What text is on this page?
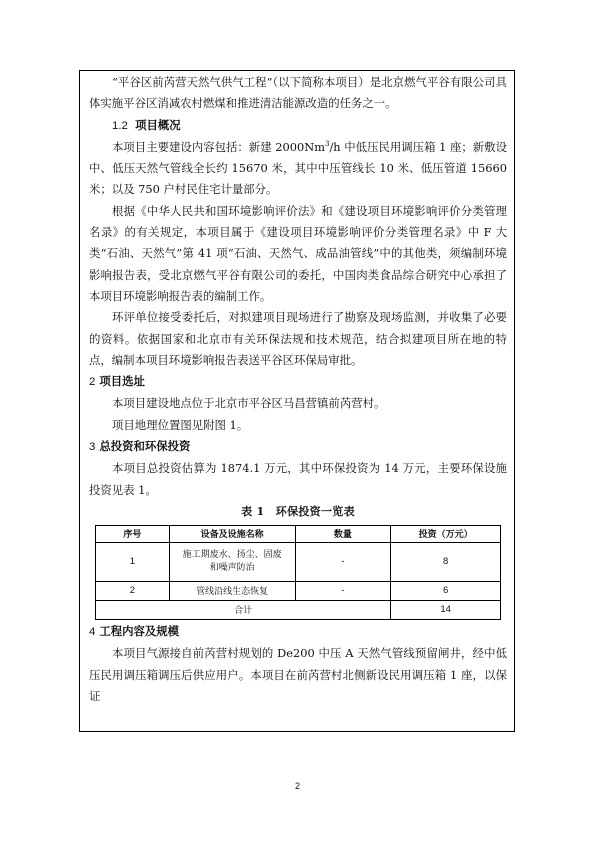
“平谷区前芮营天然气供气工程”（以下简称本项目）是北京燃气平谷有限公司具体实施平谷区消减农村燃煤和推进清洁能源改造的任务之一。

1.2 项目概况

本项目主要建设内容包括：新建 2000Nm$^3$/h 中低压民用调压箱 1 座；新敷设中、低压天然气管线全长约 15670 米，其中中压管线长 10 米、低压管道 15660 米；以及 750 户村民住宅计量部分。

根据《中华人民共和国环境影响评价法》和《建设项目环境影响评价分类管理名录》的有关规定，本项目属于《建设项目环境影响评价分类管理名录》中 F 大类“石油、天然气”第 41 项“石油、天然气、成品油管线”中的其他类，须编制环境影响报告表，受北京燃气平谷有限公司的委托，中国肉类食品综合研究中心承担了本项目环境影响报告表的编制工作。

环评单位接受委托后，对拟建项目现场进行了勘察及现场监测，并收集了必要的资料。依据国家和北京市有关环保法规和技术规范，结合拟建项目所在地的特点，编制本项目环境影响报告表送平谷区环保局审批。

2 项目选址

本项目建设地点位于北京市平谷区马昌营镇前芮营村。

项目地理位置图见附图 1。

3 总投资和环保投资

本项目总投资估算为 1874.1 万元，其中环保投资为 14 万元，主要环保设施投资见表 1。

表 1　环保投资一览表

序号	设备及设施名称	数量	投资（万元）
1	施工期废水、扬尘、固废
和噪声防治	-	8
2	管线沿线生态恢复	-	6
合计			14

4 工程内容及规模

本项目气源接自前芮营村规划的 De200 中压 A 天然气管线预留闸井，经中低压民用调压箱调压后供应用户。本项目在前芮营村北侧新设民用调压箱 1 座，以保证

2
